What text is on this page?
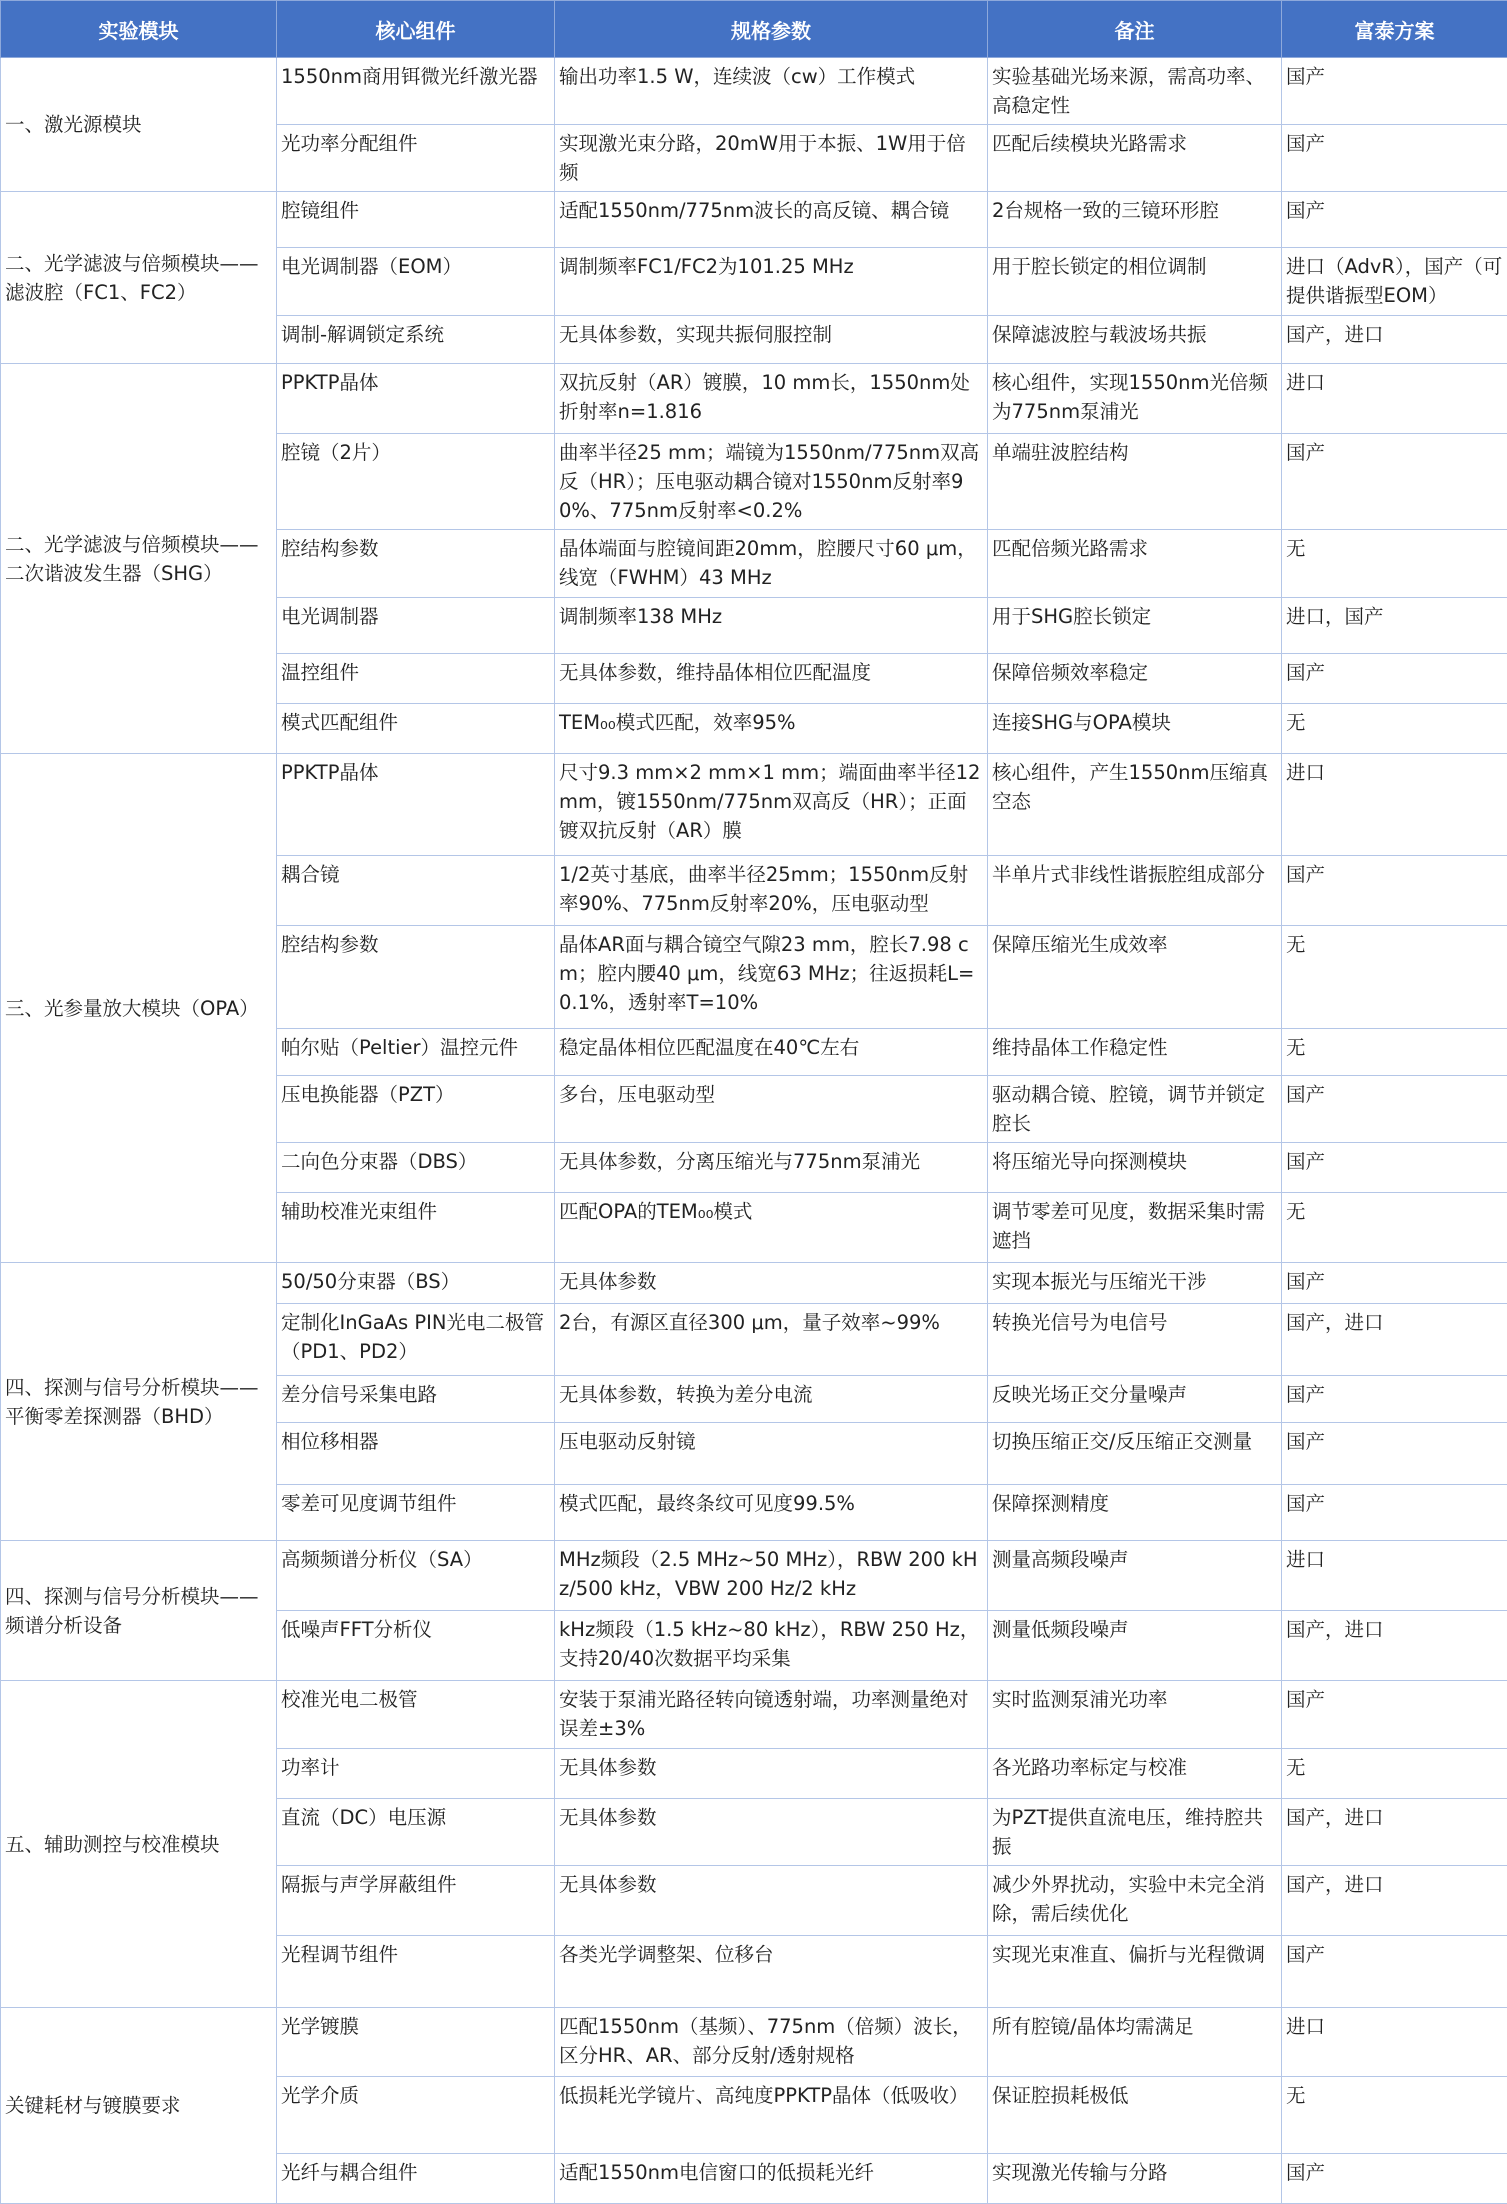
实验模块	核心组件	规格参数	备注	富泰方案
一、激光源模块	1550nm商用铒微光纤激光器	输出功率1.5 W，连续波（cw）工作模式	实验基础光场来源，需高功率、高稳定性	国产
	光功率分配组件	实现激光束分路，20mW用于本振、1W用于倍频	匹配后续模块光路需求	国产
二、光学滤波与倍频模块——滤波腔（FC1、FC2）	腔镜组件	适配1550nm/775nm波长的高反镜、耦合镜	2台规格一致的三镜环形腔	国产
	电光调制器（EOM）	调制频率FC1/FC2为101.25 MHz	用于腔长锁定的相位调制	进口（AdvR），国产（可提供谐振型EOM）
	调制-解调锁定系统	无具体参数，实现共振伺服控制	保障滤波腔与载波场共振	国产，进口
二、光学滤波与倍频模块——二次谐波发生器（SHG）	PPKTP晶体	双抗反射（AR）镀膜，10 mm长，1550nm处折射率n=1.816	核心组件，实现1550nm光倍频为775nm泵浦光	进口
	腔镜（2片）	曲率半径25 mm；端镜为1550nm/775nm双高反（HR）；压电驱动耦合镜对1550nm反射率90%、775nm反射率<0.2%	单端驻波腔结构	国产
	腔结构参数	晶体端面与腔镜间距20mm，腔腰尺寸60 μm，线宽（FWHM）43 MHz	匹配倍频光路需求	无
	电光调制器	调制频率138 MHz	用于SHG腔长锁定	进口，国产
	温控组件	无具体参数，维持晶体相位匹配温度	保障倍频效率稳定	国产
	模式匹配组件	TEM₀₀模式匹配，效率95%	连接SHG与OPA模块	无
三、光参量放大模块（OPA）	PPKTP晶体	尺寸9.3 mm×2 mm×1 mm；端面曲率半径12mm，镀1550nm/775nm双高反（HR）；正面镀双抗反射（AR）膜	核心组件，产生1550nm压缩真空态	进口
	耦合镜	1/2英寸基底，曲率半径25mm；1550nm反射率90%、775nm反射率20%，压电驱动型	半单片式非线性谐振腔组成部分	国产
	腔结构参数	晶体AR面与耦合镜空气隙23 mm，腔长7.98 cm；腔内腰40 μm，线宽63 MHz；往返损耗L=0.1%，透射率T=10%	保障压缩光生成效率	无
	帕尔贴（Peltier）温控元件	稳定晶体相位匹配温度在40℃左右	维持晶体工作稳定性	无
	压电换能器（PZT）	多台，压电驱动型	驱动耦合镜、腔镜，调节并锁定腔长	国产
	二向色分束器（DBS）	无具体参数，分离压缩光与775nm泵浦光	将压缩光导向探测模块	国产
	辅助校准光束组件	匹配OPA的TEM₀₀模式	调节零差可见度，数据采集时需遮挡	无
四、探测与信号分析模块——平衡零差探测器（BHD）	50/50分束器（BS）	无具体参数	实现本振光与压缩光干涉	国产
	定制化InGaAs PIN光电二极管（PD1、PD2）	2台，有源区直径300 μm，量子效率~99%	转换光信号为电信号	国产，进口
	差分信号采集电路	无具体参数，转换为差分电流	反映光场正交分量噪声	国产
	相位移相器	压电驱动反射镜	切换压缩正交/反压缩正交测量	国产
	零差可见度调节组件	模式匹配，最终条纹可见度99.5%	保障探测精度	国产
四、探测与信号分析模块——频谱分析设备	高频频谱分析仪（SA）	MHz频段（2.5 MHz~50 MHz），RBW 200 kHz/500 kHz，VBW 200 Hz/2 kHz	测量高频段噪声	进口
	低噪声FFT分析仪	kHz频段（1.5 kHz~80 kHz），RBW 250 Hz，支持20/40次数据平均采集	测量低频段噪声	国产，进口
五、辅助测控与校准模块	校准光电二极管	安装于泵浦光路径转向镜透射端，功率测量绝对误差±3%	实时监测泵浦光功率	国产
	功率计	无具体参数	各光路功率标定与校准	无
	直流（DC）电压源	无具体参数	为PZT提供直流电压，维持腔共振	国产，进口
	隔振与声学屏蔽组件	无具体参数	减少外界扰动，实验中未完全消除，需后续优化	国产，进口
	光程调节组件	各类光学调整架、位移台	实现光束准直、偏折与光程微调	国产
关键耗材与镀膜要求	光学镀膜	匹配1550nm（基频）、775nm（倍频）波长，区分HR、AR、部分反射/透射规格	所有腔镜/晶体均需满足	进口
	光学介质	低损耗光学镜片、高纯度PPKTP晶体（低吸收）	保证腔损耗极低	无
	光纤与耦合组件	适配1550nm电信窗口的低损耗光纤	实现激光传输与分路	国产
